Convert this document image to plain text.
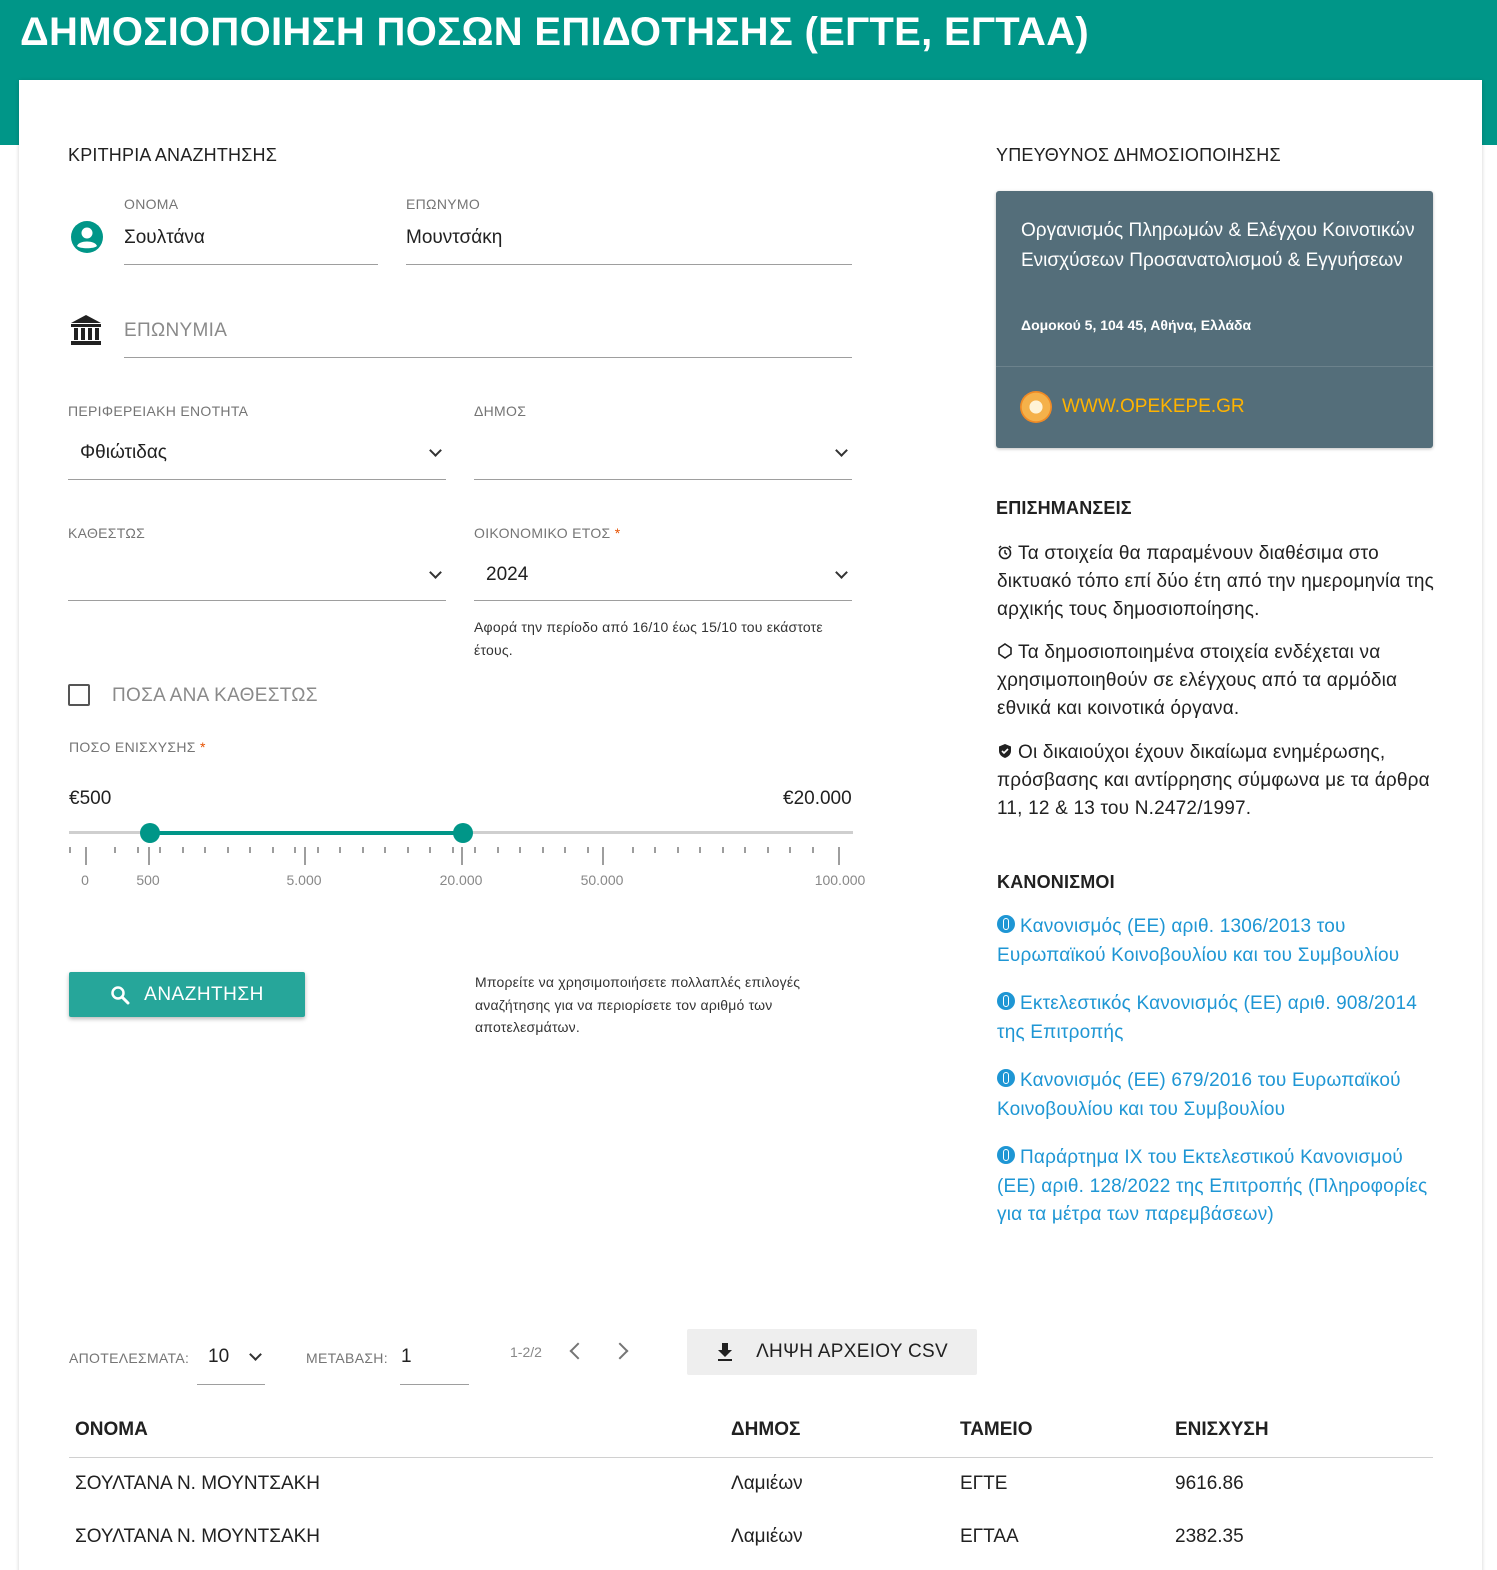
ΔΗΜΟΣΙΟΠΟΙΗΣΗ ΠΟΣΩΝ ΕΠΙΔΟΤΗΣΗΣ (ΕΓΤΕ, ΕΓΤΑΑ)
ΚΡΙΤΗΡΙΑ ΑΝΑΖΗΤΗΣΗΣ
ΟΝΟΜΑ
Σουλτάνα
ΕΠΩΝΥΜΟ
Μουντσάκη
ΕΠΩΝΥΜΙΑ
ΠΕΡΙΦΕΡΕΙΑΚΗ ΕΝΟΤΗΤΑ
Φθιώτιδας
ΔΗΜΟΣ
ΚΑΘΕΣΤΩΣ	ΟΙΚΟΝΟΜΙΚΟ ΕΤΟΣ *
2024
Αφορά την περίοδο από 16/10 έως 15/10 του εκάστοτε έτους.
ΠΟΣΑ ΑΝΑ ΚΑΘΕΣΤΩΣ
ΠΟΣΟ ΕΝΙΣΧΥΣΗΣ *
€500	€20.000
0	500	5.000	20.000	50.000	100.000
ΑΝΑΖΗΤΗΣΗ
Μπορείτε να χρησιμοποιήσετε πολλαπλές επιλογές αναζήτησης για να περιορίσετε τον αριθμό των αποτελεσμάτων.
ΥΠΕΥΘΥΝΟΣ ΔΗΜΟΣΙΟΠΟΙΗΣΗΣ
Οργανισμός Πληρωμών & Ελέγχου Κοινοτικών Ενισχύσεων Προσανατολισμού & Εγγυήσεων
Δομοκού 5, 104 45, Αθήνα, Ελλάδα
WWW.OPEKEPE.GR
ΕΠΙΣΗΜΑΝΣΕΙΣ
Τα στοιχεία θα παραμένουν διαθέσιμα στο δικτυακό τόπο επί δύο έτη από την ημερομηνία της αρχικής τους δημοσιοποίησης.
Τα δημοσιοποιημένα στοιχεία ενδέχεται να χρησιμοποιηθούν σε ελέγχους από τα αρμόδια εθνικά και κοινοτικά όργανα.
Οι δικαιούχοι έχουν δικαίωμα ενημέρωσης, πρόσβασης και αντίρρησης σύμφωνα με τα άρθρα 11, 12 & 13 του Ν.2472/1997.
ΚΑΝΟΝΙΣΜΟΙ
Κανονισμός (ΕΕ) αριθ. 1306/2013 του Ευρωπαϊκού Κοινοβουλίου και του Συμβουλίου
Εκτελεστικός Κανονισμός (ΕΕ) αριθ. 908/2014 της Επιτροπής
Κανονισμός (ΕΕ) 679/2016 του Ευρωπαϊκού Κοινοβουλίου και του Συμβουλίου
Παράρτημα ΙΧ του Εκτελεστικού Κανονισμού (ΕΕ) αριθ. 128/2022 της Επιτροπής (Πληροφορίες για τα μέτρα των παρεμβάσεων)
ΑΠΟΤΕΛΕΣΜΑΤΑ: 10	ΜΕΤΑΒΑΣΗ: 1	1-2/2	ΛΗΨΗ ΑΡΧΕΙΟΥ CSV
ΟΝΟΜΑ	ΔΗΜΟΣ	ΤΑΜΕΙΟ	ΕΝΙΣΧΥΣΗ
ΣΟΥΛΤΑΝΑ Ν. ΜΟΥΝΤΣΑΚΗ	Λαμιέων	ΕΓΤΕ	9616.86
ΣΟΥΛΤΑΝΑ Ν. ΜΟΥΝΤΣΑΚΗ	Λαμιέων	ΕΓΤΑΑ	2382.35
